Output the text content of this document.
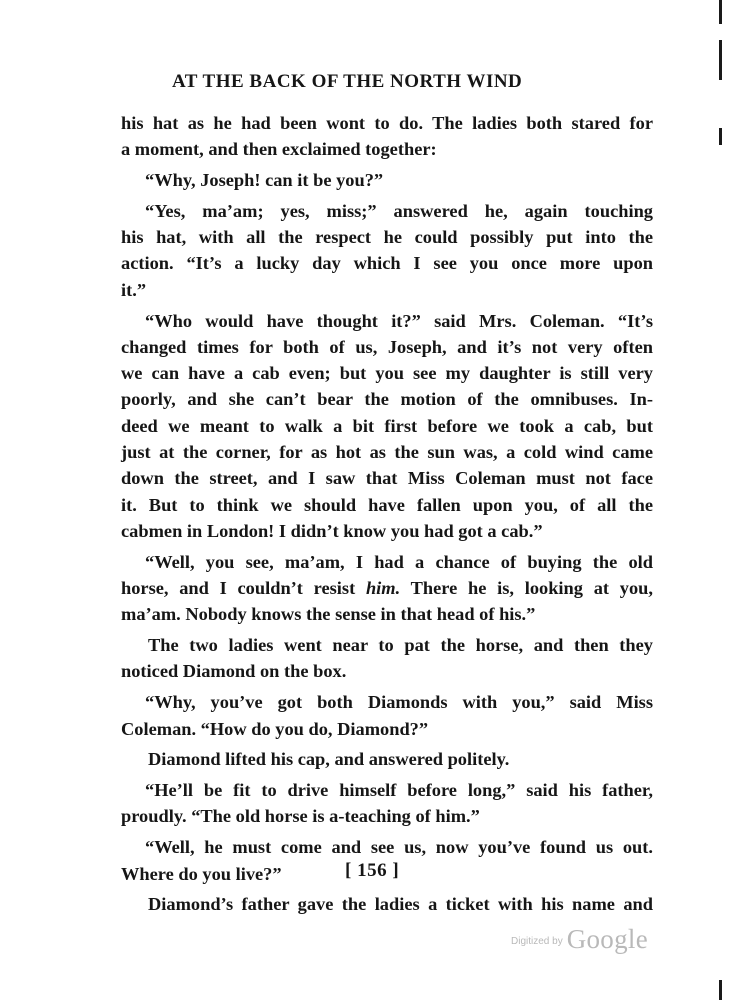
AT THE BACK OF THE NORTH WIND

his hat as he had been wont to do. The ladies both stared for
a moment, and then exclaimed together:

“Why, Joseph! can it be you?”

“Yes, ma’am; yes, miss;” answered he, again touching
his hat, with all the respect he could possibly put into the
action. “It’s a lucky day which I see you once more upon
it.”

“Who would have thought it?” said Mrs. Coleman. “It’s
changed times for both of us, Joseph, and it’s not very often
we can have a cab even; but you see my daughter is still very
poorly, and she can’t bear the motion of the omnibuses. In-
deed we meant to walk a bit first before we took a cab, but
just at the corner, for as hot as the sun was, a cold wind came
down the street, and I saw that Miss Coleman must not face
it. But to think we should have fallen upon you, of all the
cabmen in London! I didn’t know you had got a cab.”

“Well, you see, ma’am, I had a chance of buying the old
horse, and I couldn’t resist him. There he is, looking at you,
ma’am. Nobody knows the sense in that head of his.”

The two ladies went near to pat the horse, and then they
noticed Diamond on the box.

“Why, you’ve got both Diamonds with you,” said Miss
Coleman. “How do you do, Diamond?”

Diamond lifted his cap, and answered politely.

“He’ll be fit to drive himself before long,” said his father,
proudly. “The old horse is a-teaching of him.”

“Well, he must come and see us, now you’ve found us out.
Where do you live?”

Diamond’s father gave the ladies a ticket with his name and

[ 156 ]
$^{Digitized by}$ Google
